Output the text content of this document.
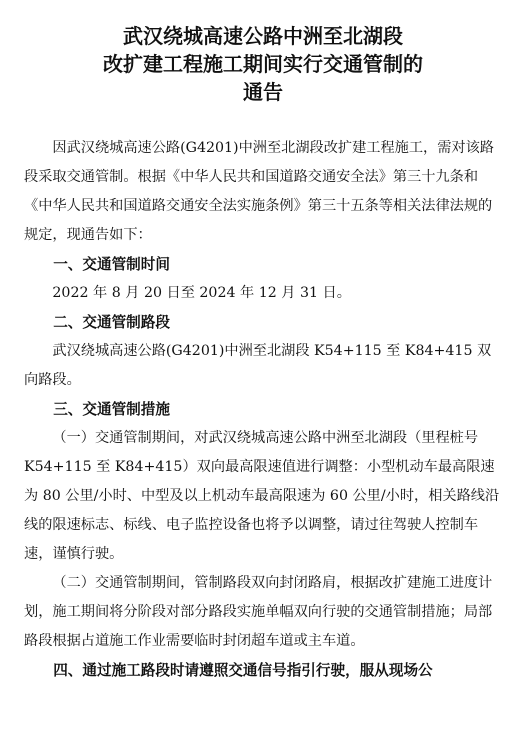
武汉绕城高速公路中洲至北湖段
改扩建工程施工期间实行交通管制的
通告

因武汉绕城高速公路(G4201)中洲至北湖段改扩建工程施工，需对该路段采取交通管制。根据《中华人民共和国道路交通安全法》第三十九条和《中华人民共和国道路交通安全法实施条例》第三十五条等相关法律法规的规定，现通告如下：

一、交通管制时间

2022 年 8 月 20 日至 2024 年 12 月 31 日。

二、交通管制路段

武汉绕城高速公路(G4201)中洲至北湖段 K54+115 至 K84+415 双向路段。

三、交通管制措施

（一）交通管制期间，对武汉绕城高速公路中洲至北湖段（里程桩号 K54+115 至 K84+415）双向最高限速值进行调整：小型机动车最高限速为 80 公里/小时、中型及以上机动车最高限速为 60 公里/小时，相关路线沿线的限速标志、标线、电子监控设备也将予以调整，请过往驾驶人控制车速，谨慎行驶。

（二）交通管制期间，管制路段双向封闭路肩，根据改扩建施工进度计划，施工期间将分阶段对部分路段实施单幅双向行驶的交通管制措施；局部路段根据占道施工作业需要临时封闭超车道或主车道。

四、通过施工路段时请遵照交通信号指引行驶，服从现场公
